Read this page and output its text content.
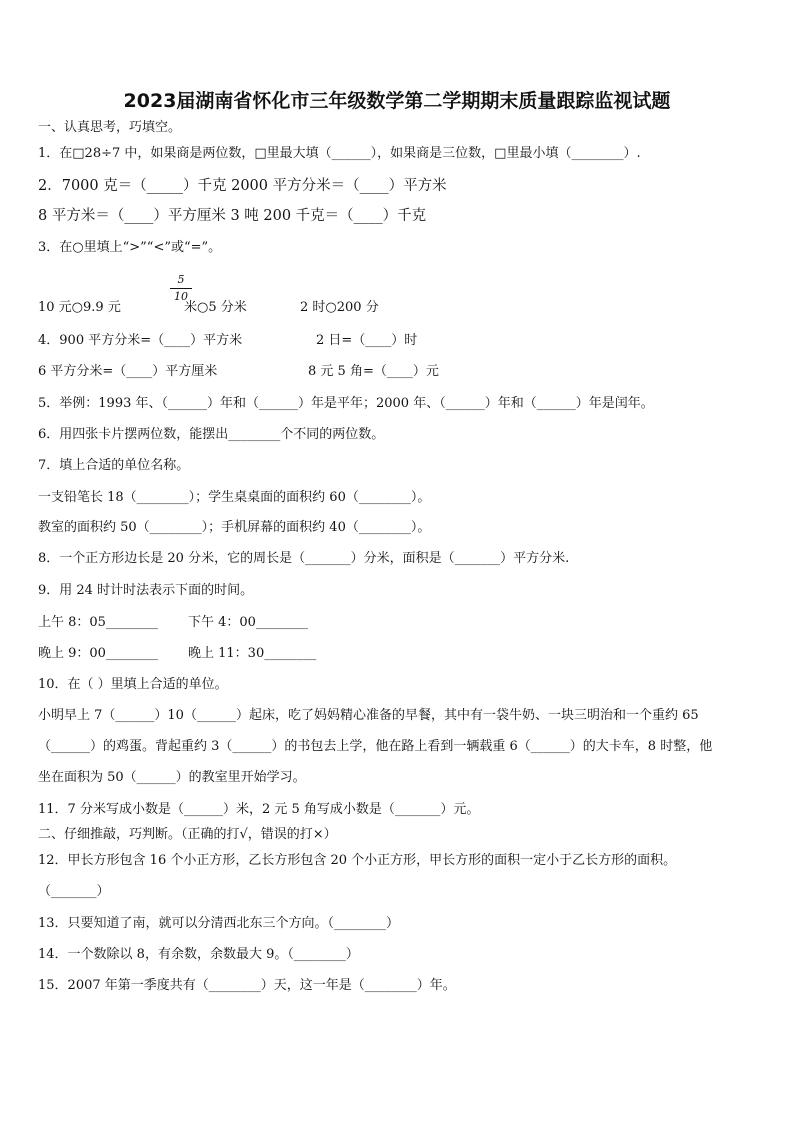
2023届湖南省怀化市三年级数学第二学期期末质量跟踪监视试题
一、认真思考，巧填空。
1．在□28÷7 中，如果商是两位数，□里最大填（______），如果商是三位数，□里最小填（________）.
2．7000 克＝（_____）千克 2000 平方分米＝（____）平方米
8 平方米＝（____）平方厘米 3 吨 200 千克＝（____）千克
3．在○里填上“>”“<”或“=”。
10 元○9.9 元
5
10
米○5 分米	2 时○200 分
4．900 平方分米=（____）平方米	2 日=（____）时
6 平方分米=（____）平方厘米	8 元 5 角=（____）元
5．举例：1993 年、（______）年和（______）年是平年；2000 年、（______）年和（______）年是闰年。
6．用四张卡片摆两位数，能摆出________个不同的两位数。
7．填上合适的单位名称。
一支铅笔长 18（________）；学生桌桌面的面积约 60（________）。
教室的面积约 50（________）；手机屏幕的面积约 40（________）。
8．一个正方形边长是 20 分米，它的周长是（_______）分米，面积是（_______）平方分米.
9．用 24 时计时法表示下面的时间。
上午 8：05________ 下午 4：00________
晚上 9：00________ 晚上 11：30________
10．在（ ）里填上合适的单位。
小明早上 7（______）10（______）起床，吃了妈妈精心准备的早餐，其中有一袋牛奶、一块三明治和一个重约 65
（______）的鸡蛋。背起重约 3（______）的书包去上学，他在路上看到一辆载重 6（______）的大卡车，8 时整，他
坐在面积为 50（______）的教室里开始学习。
11．7 分米写成小数是（______）米，2 元 5 角写成小数是（_______）元。
二、仔细推敲，巧判断。（正确的打√，错误的打×）
12．甲长方形包含 16 个小正方形，乙长方形包含 20 个小正方形，甲长方形的面积一定小于乙长方形的面积。
（_______）
13．只要知道了南，就可以分清西北东三个方向。（________）
14．一个数除以 8，有余数，余数最大 9。（________）
15．2007 年第一季度共有（________）天，这一年是（________）年。
